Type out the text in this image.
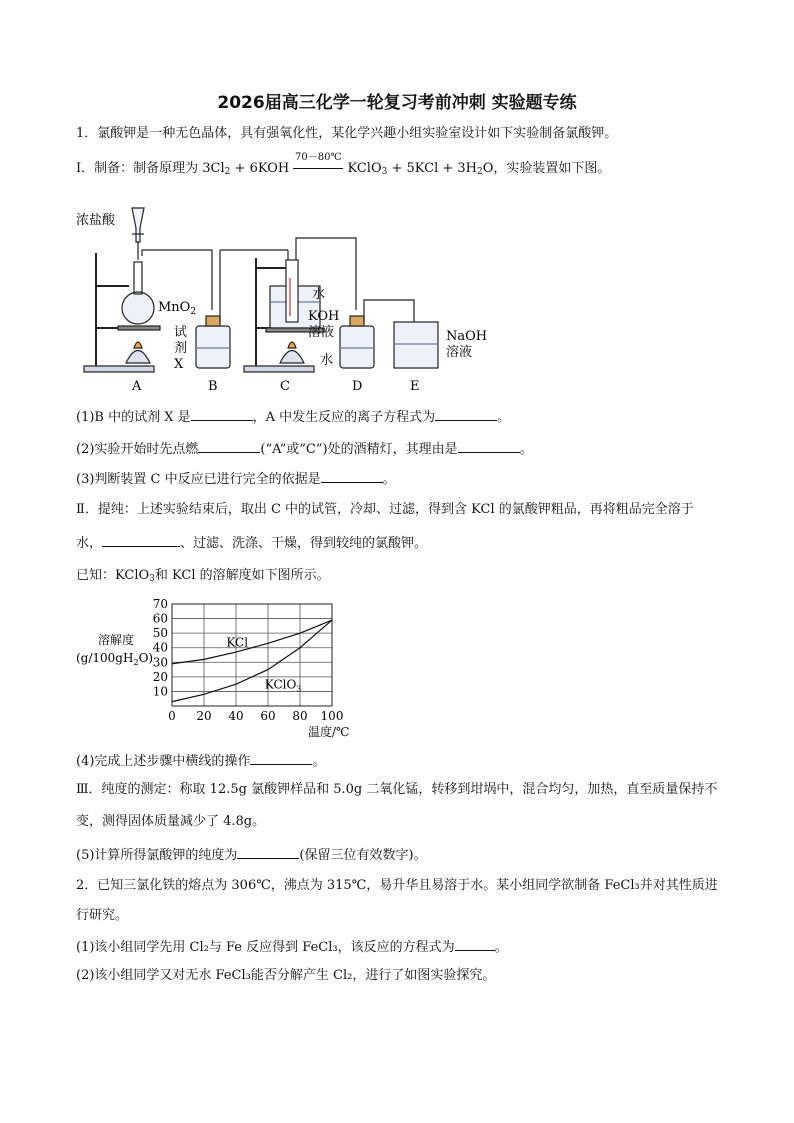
2026届高三化学一轮复习考前冲刺 实验题专练
1．氯酸钾是一种无色晶体，具有强氧化性，某化学兴趣小组实验室设计如下实验制备氯酸钾。
Ⅰ．制备：制备原理为 $3Cl_2 + 6KOH$
70－80℃
KClO$_3$ + $5KCl + 3H_2O$，实验装置如下图。
浓盐酸
MnO$_2$
试
剂
X
水
KOH
溶液
水
NaOH
溶液
A	B	C	D	E
(1)B 中的试剂 X 是	，A 中发生反应的离子方程式为	。
(2)实验开始时先点燃	(“A”或“C”)处的酒精灯，其理由是	。
(3)判断装置 C 中反应已进行完全的依据是	。
Ⅱ．提纯：上述实验结束后，取出 C 中的试管，冷却、过滤，得到含 KCl 的氯酸钾粗品，再将粗品完全溶于
水，	、过滤、洗涤、干燥，得到较纯的氯酸钾。
已知：KClO$_3$和 KCl 的溶解度如下图所示。
0 20 40 60 80 100
10
20
30
40
50
60
70
KCl
KClO$_3$
溶解度
$(g/100gH_2O)$
温度/℃
(4)完成上述步骤中横线的操作	。
Ⅲ．纯度的测定：称取 12.5g 氯酸钾样品和 5.0g 二氧化锰，转移到坩埚中，混合均匀，加热，直至质量保持不
变，测得固体质量减少了 4.8g。
(5)计算所得氯酸钾的纯度为	(保留三位有效数字)。
2．已知三氯化铁的熔点为 306℃，沸点为 315℃，易升华且易溶于水。某小组同学欲制备 FeCl₃并对其性质进
行研究。
(1)该小组同学先用 Cl₂与 Fe 反应得到 FeCl₃，该反应的方程式为	。
(2)该小组同学又对无水 FeCl₃能否分解产生 Cl₂，进行了如图实验探究。
